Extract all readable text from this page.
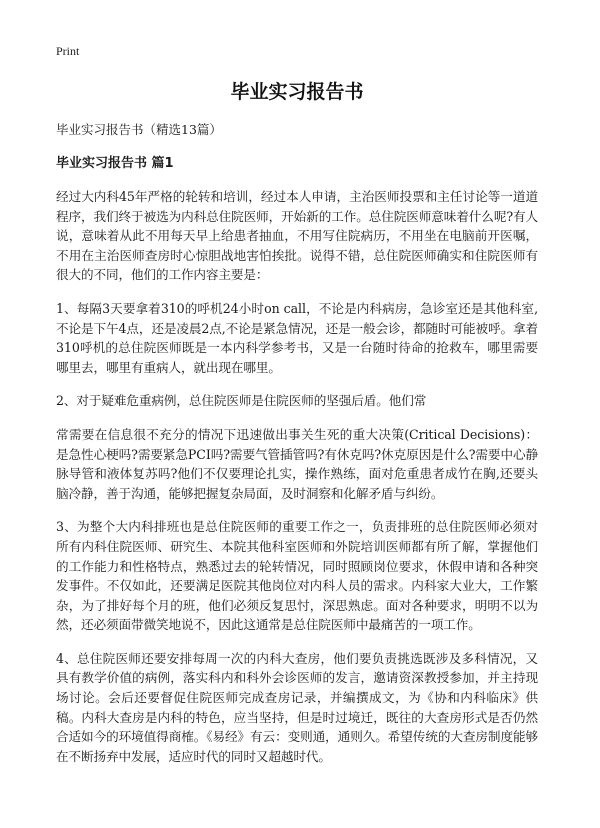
Print
毕业实习报告书
毕业实习报告书（精选13篇）
毕业实习报告书 篇1

经过大内科45年严格的轮转和培训，经过本人申请，主治医师投票和主任讨论等一道道程序，我们终于被选为内科总住院医师，开始新的工作。总住院医师意味着什么呢?有人说，意味着从此不用每天早上给患者抽血，不用写住院病历，不用坐在电脑前开医嘱，不用在主治医师查房时心惊胆战地害怕挨批。说得不错，总住院医师确实和住院医师有很大的不同，他们的工作内容主要是：

1、每隔3天要拿着310的呼机24小时on call，不论是内科病房，急诊室还是其他科室,不论是下午4点，还是凌晨2点,不论是紧急情况，还是一般会诊，都随时可能被呼。拿着310呼机的总住院医师既是一本内科学参考书，又是一台随时待命的抢救车，哪里需要哪里去，哪里有重病人，就出现在哪里。

2、对于疑难危重病例，总住院医师是住院医师的坚强后盾。他们常

常需要在信息很不充分的情况下迅速做出事关生死的重大决策(Critical Decisions)：是急性心梗吗?需要紧急PCI吗?需要气管插管吗?有休克吗?休克原因是什么?需要中心静脉导管和液体复苏吗?他们不仅要理论扎实，操作熟练，面对危重患者成竹在胸,还要头脑冷静，善于沟通，能够把握复杂局面，及时洞察和化解矛盾与纠纷。

3、为整个大内科排班也是总住院医师的重要工作之一，负责排班的总住院医师必须对所有内科住院医师、研究生、本院其他科室医师和外院培训医师都有所了解，掌握他们的工作能力和性格特点，熟悉过去的轮转情况，同时照顾岗位要求，休假申请和各种突发事件。不仅如此，还要满足医院其他岗位对内科人员的需求。内科家大业大，工作繁杂，为了排好每个月的班，他们必须反复思忖，深思熟虑。面对各种要求，明明不以为然，还必须面带微笑地说不，因此这通常是总住院医师中最痛苦的一项工作。

4、总住院医师还要安排每周一次的内科大查房，他们要负责挑选既涉及多科情况，又具有教学价值的病例，落实科内和科外会诊医师的发言，邀请资深教授参加，并主持现场讨论。会后还要督促住院医师完成查房记录，并编撰成文，为《协和内科临床》供稿。内科大查房是内科的特色，应当坚持，但是时过境迁，既往的大查房形式是否仍然合适如今的环境值得商榷。《易经》有云：变则通，通则久。希望传统的大查房制度能够在不断扬弃中发展，适应时代的同时又超越时代。
